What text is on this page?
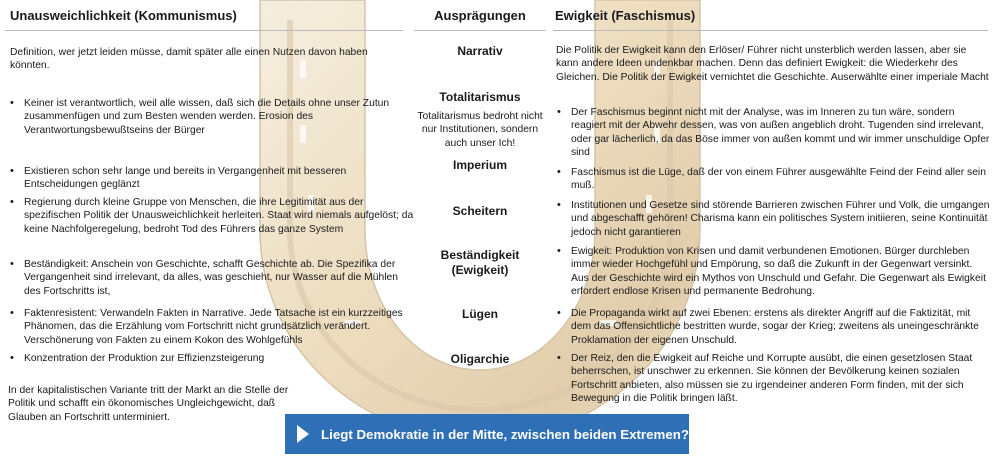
Unausweichlichkeit (Kommunismus)	Ausprägungen	Ewigkeit (Faschismus)
Definition, wer jetzt leiden müsse, damit später alle einen Nutzen davon haben könnten.
• Keiner ist verantwortlich, weil alle wissen, daß sich die Details ohne unser Zutun zusammenfügen und zum Besten wenden werden. Erosion des Verantwortungsbewußtseins der Bürger
• Existieren schon sehr lange und bereits in Vergangenheit mit besseren Entscheidungen geglänzt
• Regierung durch kleine Gruppe von Menschen, die ihre Legitimität aus der spezifischen Politik der Unausweichlichkeit herleiten. Staat wird niemals aufgelöst; da keine Nachfolgeregelung, bedroht Tod des Führers das ganze System
• Beständigkeit: Anschein von Geschichte, schafft Geschichte ab. Die Spezifika der Vergangenheit sind irrelevant, da alles, was geschieht, nur Wasser auf die Mühlen des Fortschritts ist,
• Faktenresistent: Verwandeln Fakten in Narrative. Jede Tatsache ist ein kurzzeitiges Phänomen, das die Erzählung vom Fortschritt nicht grundsätzlich verändert. Verschönerung von Fakten zu einem Kokon des Wohlgefühls
• Konzentration der Produktion zur Effizienzsteigerung
In der kapitalistischen Variante tritt der Markt an die Stelle der Politik und schafft ein ökonomisches Ungleichgewicht, daß Glauben an Fortschritt unterminiert.
Narrativ
Totalitarismus
Totalitarismus bedroht nicht nur Institutionen, sondern auch unser Ich!
Imperium
Scheitern
Beständigkeit (Ewigkeit)
Lügen
Oligarchie
Die Politik der Ewigkeit kann den Erlöser/ Führer nicht unsterblich werden lassen, aber sie kann andere Ideen undenkbar machen. Denn das definiert Ewigkeit: die Wiederkehr des Gleichen. Die Politik der Ewigkeit vernichtet die Geschichte. Auserwählte einer imperiale Macht
• Der Faschismus beginnt nicht mit der Analyse, was im Inneren zu tun wäre, sondern reagiert mit der Abwehr dessen, was von außen angeblich droht. Tugenden sind irrelevant, oder gar lächerlich, da das Böse immer von außen kommt und wir immer unschuldige Opfer sind
• Faschismus ist die Lüge, daß der von einem Führer ausgewählte Feind der Feind aller sein muß.
• Institutionen und Gesetze sind störende Barrieren zwischen Führer und Volk, die umgangen und abgeschafft gehören! Charisma kann ein politisches System initiieren, seine Kontinuität jedoch nicht garantieren
• Ewigkeit: Produktion von Krisen und damit verbundenen Emotionen. Bürger durchleben immer wieder Hochgefühl und Empörung, so daß die Zukunft in der Gegenwart versinkt. Aus der Geschichte wird ein Mythos von Unschuld und Gefahr. Die Gegenwart als Ewigkeit erfordert endlose Krisen und permanente Bedrohung.
• Die Propaganda wirkt auf zwei Ebenen: erstens als direkter Angriff auf die Faktizität, mit dem das Offensichtliche bestritten wurde, sogar der Krieg; zweitens als uneingeschränkte Proklamation der eigenen Unschuld.
• Der Reiz, den die Ewigkeit auf Reiche und Korrupte ausübt, die einen gesetzlosen Staat beherrschen, ist unschwer zu erkennen. Sie können der Bevölkerung keinen sozialen Fortschritt anbieten, also müssen sie zu irgendeiner anderen Form finden, mit der sich Bewegung in die Politik bringen läßt.
Liegt Demokratie in der Mitte, zwischen beiden Extremen?
